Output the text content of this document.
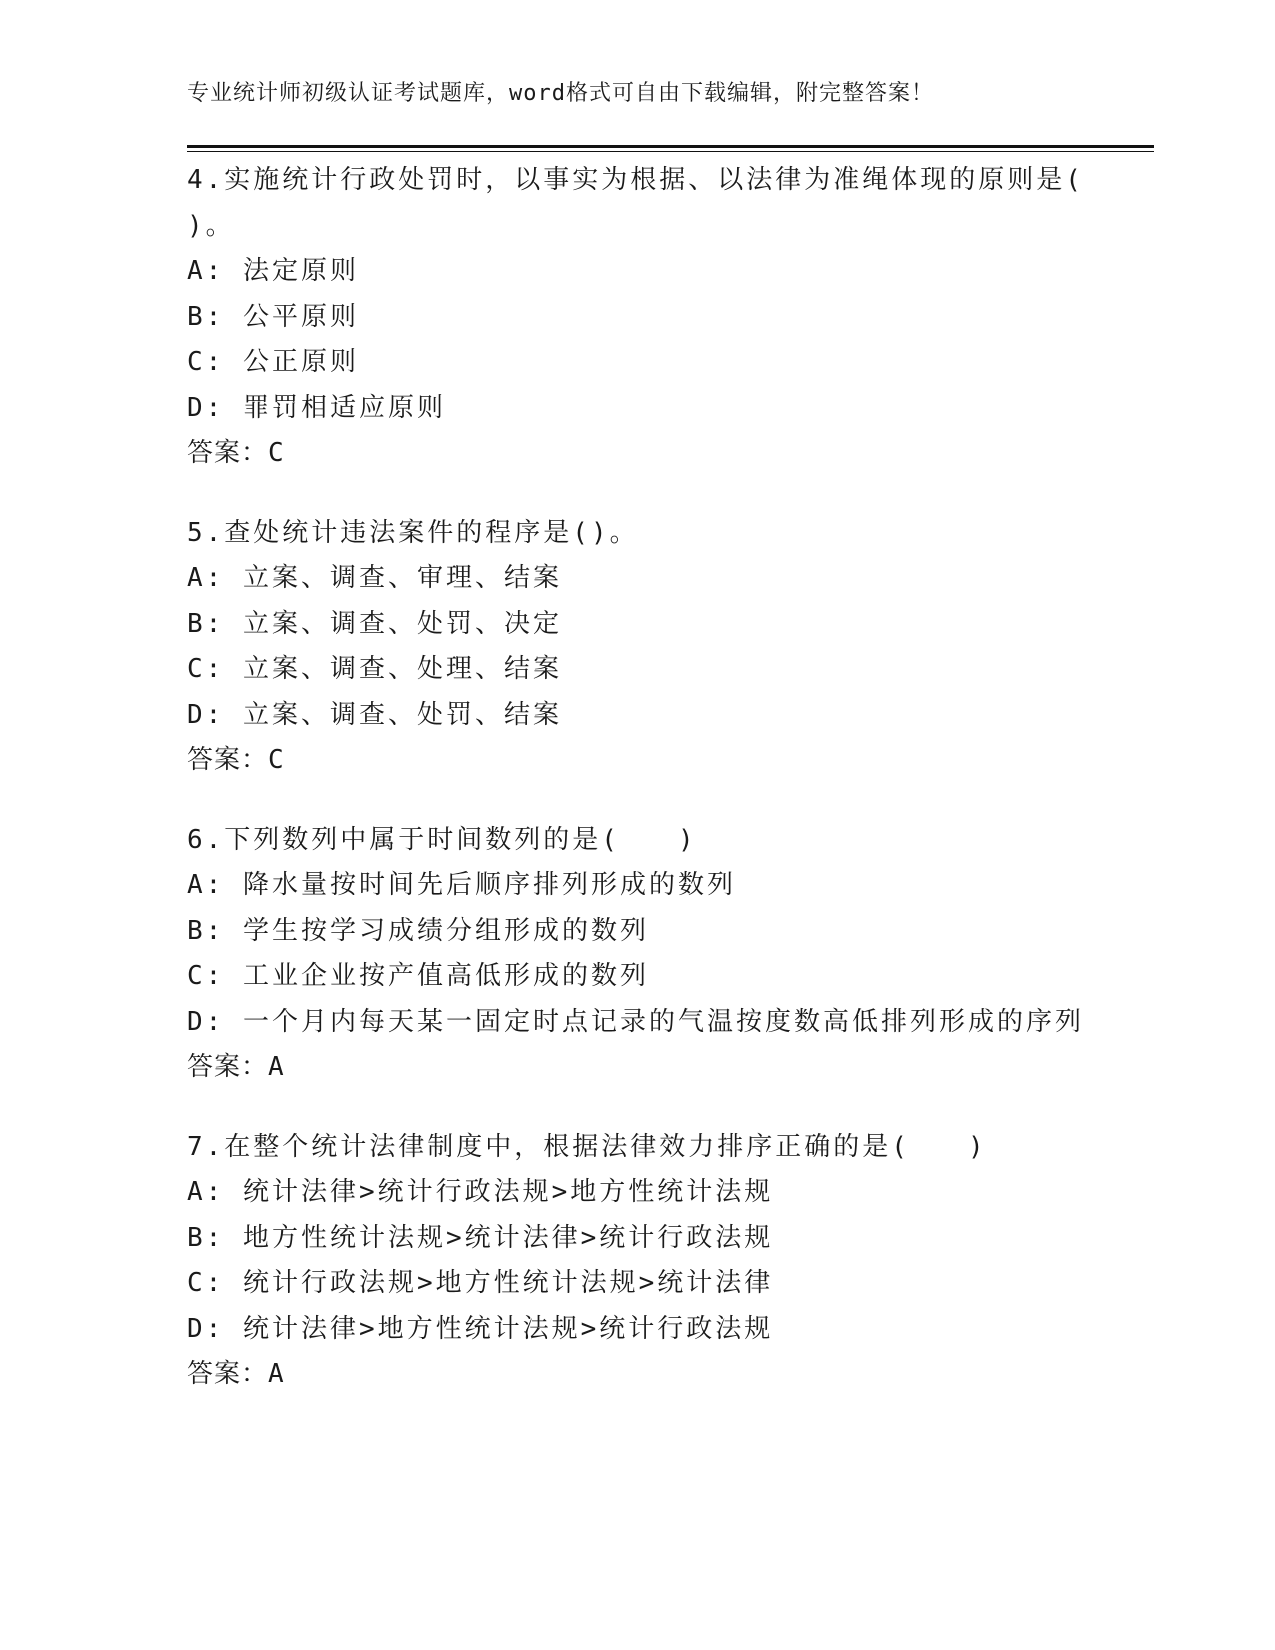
专业统计师初级认证考试题库，word格式可自由下载编辑，附完整答案！
4.实施统计行政处罚时，以事实为根据、以法律为准绳体现的原则是(
)。
A: 法定原则
B: 公平原则
C: 公正原则
D: 罪罚相适应原则
答案：C
5.查处统计违法案件的程序是()。
A: 立案、调查、审理、结案
B: 立案、调查、处罚、决定
C: 立案、调查、处理、结案
D: 立案、调查、处罚、结案
答案：C
6.下列数列中属于时间数列的是(　　)
A: 降水量按时间先后顺序排列形成的数列
B: 学生按学习成绩分组形成的数列
C: 工业企业按产值高低形成的数列
D: 一个月内每天某一固定时点记录的气温按度数高低排列形成的序列
答案：A
7.在整个统计法律制度中，根据法律效力排序正确的是(　　)
A: 统计法律>统计行政法规>地方性统计法规
B: 地方性统计法规>统计法律>统计行政法规
C: 统计行政法规>地方性统计法规>统计法律
D: 统计法律>地方性统计法规>统计行政法规
答案：A
